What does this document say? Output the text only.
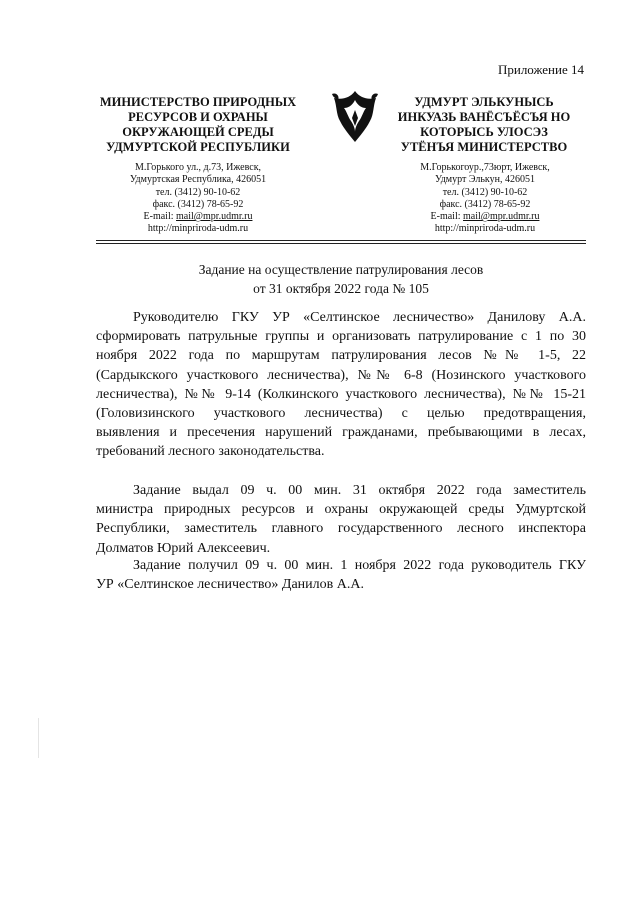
Приложение 14
МИНИСТЕРСТВО ПРИРОДНЫХ
РЕСУРСОВ И ОХРАНЫ
ОКРУЖАЮЩЕЙ СРЕДЫ
УДМУРТСКОЙ РЕСПУБЛИКИ
УДМУРТ ЭЛЬКУНЫСЬ
ИНКУАЗЬ ВАНЁСЪЁСЪЯ НО
КОТОРЫСЬ УЛОСЭЗ
УТЁНЪЯ МИНИСТЕРСТВО
М.Горького ул., д.73, Ижевск,
Удмуртская Республика, 426051
тел. (3412) 90-10-62
факс. (3412) 78-65-92
E-mail: mail@mpr.udmr.ru
http://minpriroda-udm.ru
М.Горькогоур.,73юрт, Ижевск,
Удмурт Элькун, 426051
тел. (3412) 90-10-62
факс. (3412) 78-65-92
E-mail: mail@mpr.udmr.ru
http://minpriroda-udm.ru
Задание на осуществление патрулирования лесов
от 31 октября 2022 года № 105
Руководителю ГКУ УР «Селтинское лесничество» Данилову А.А.
сформировать патрульные группы и организовать патрулирование с 1 по 30
ноября 2022 года по маршрутам патрулирования лесов №№ 1-5, 22
(Сардыкского участкового лесничества), №№ 6-8 (Нозинского участкового
лесничества), №№ 9-14 (Колкинского участкового лесничества), №№ 15-21
(Головизинского участкового лесничества) с целью предотвращения,
выявления и пресечения нарушений гражданами, пребывающими в лесах,
требований лесного законодательства.
Задание выдал 09 ч. 00 мин. 31 октября 2022 года заместитель
министра природных ресурсов и охраны окружающей среды Удмуртской
Республики, заместитель главного государственного лесного инспектора
Долматов Юрий Алексеевич.
Задание получил 09 ч. 00 мин. 1 ноября 2022 года руководитель ГКУ
УР «Селтинское лесничество» Данилов А.А.
